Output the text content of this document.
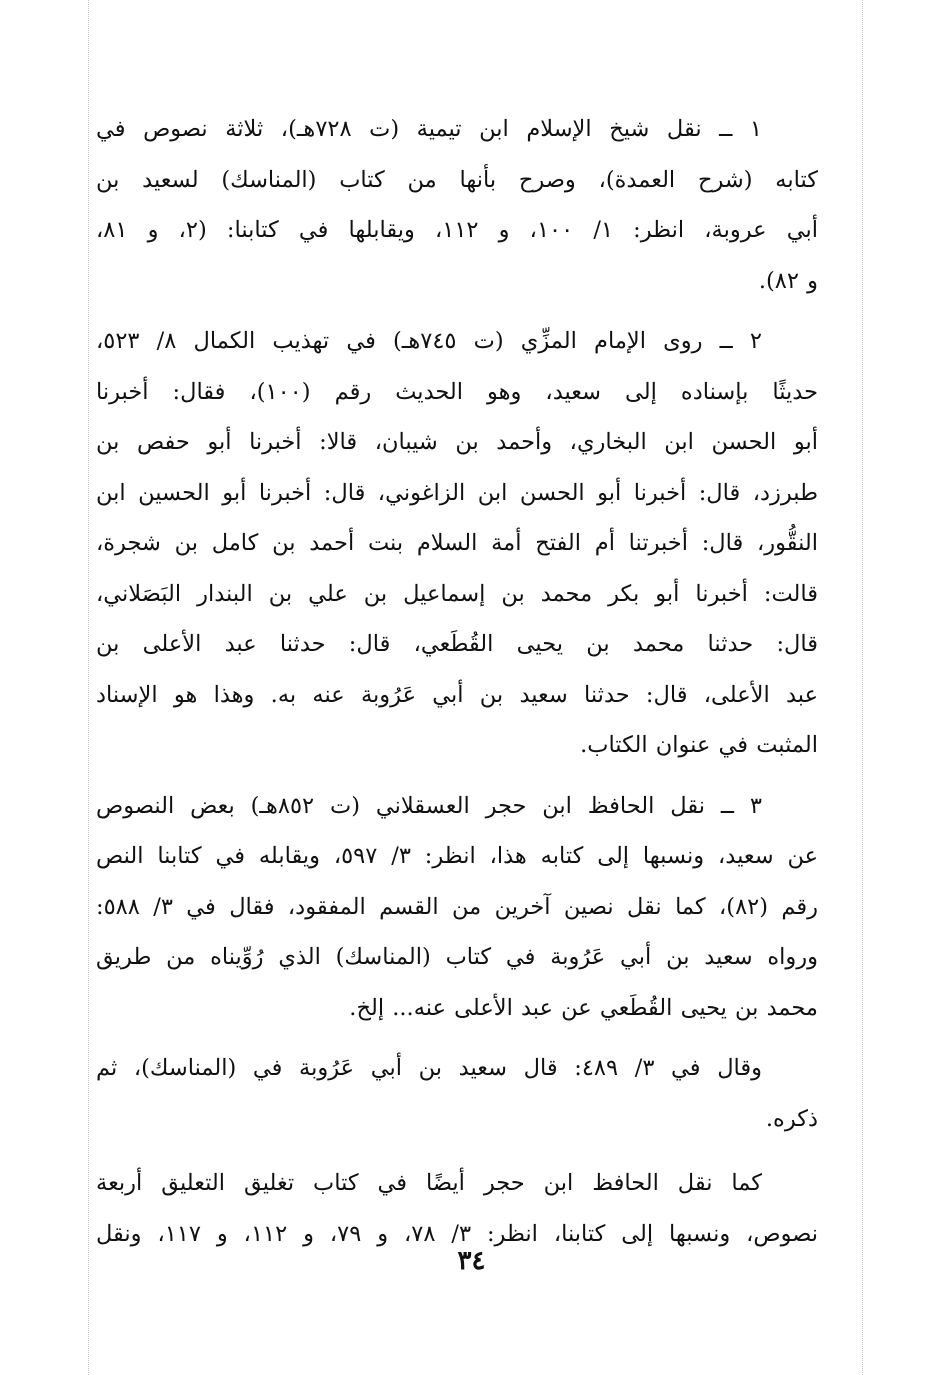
١ ــ نقل شيخ الإسلام ابن تيمية (ت ٧٢٨هـ)، ثلاثة نصوص في
كتابه (شرح العمدة)، وصرح بأنها من كتاب (المناسك) لسعيد بن
أبي عروبة، انظر: ١/ ١٠٠، و ١١٢، ويقابلها في كتابنا: (٢، و ٨١،
و ٨٢).

٢ ــ روى الإمام المزِّي (ت ٧٤٥هـ) في تهذيب الكمال ٨/ ٥٢٣،
حديثًا بإسناده إلى سعيد، وهو الحديث رقم (١٠٠)، فقال: أخبرنا
أبو الحسن ابن البخاري، وأحمد بن شيبان، قالا: أخبرنا أبو حفص بن
طبرزد، قال: أخبرنا أبو الحسن ابن الزاغوني، قال: أخبرنا أبو الحسين ابن
النقُّور، قال: أخبرتنا أم الفتح أمة السلام بنت أحمد بن كامل بن شجرة،
قالت: أخبرنا أبو بكر محمد بن إسماعيل بن علي بن البندار البَصَلاني،
قال: حدثنا محمد بن يحيى القُطَعي، قال: حدثنا عبد الأعلى بن
عبد الأعلى، قال: حدثنا سعيد بن أبي عَرُوبة عنه به. وهذا هو الإسناد
المثبت في عنوان الكتاب.

٣ ــ نقل الحافظ ابن حجر العسقلاني (ت ٨٥٢هـ) بعض النصوص
عن سعيد، ونسبها إلى كتابه هذا، انظر: ٣/ ٥٩٧، ويقابله في كتابنا النص
رقم (٨٢)، كما نقل نصين آخرين من القسم المفقود، فقال في ٣/ ٥٨٨:
ورواه سعيد بن أبي عَرُوبة في كتاب (المناسك) الذي رُوِّيناه من طريق
محمد بن يحيى القُطَعي عن عبد الأعلى عنه... إلخ.

وقال في ٣/ ٤٨٩: قال سعيد بن أبي عَرُوبة في (المناسك)، ثم
ذكره.

كما نقل الحافظ ابن حجر أيضًا في كتاب تغليق التعليق أربعة
نصوص، ونسبها إلى كتابنا، انظر: ٣/ ٧٨، و ٧٩، و ١١٢، و ١١٧، ونقل

٣٤
